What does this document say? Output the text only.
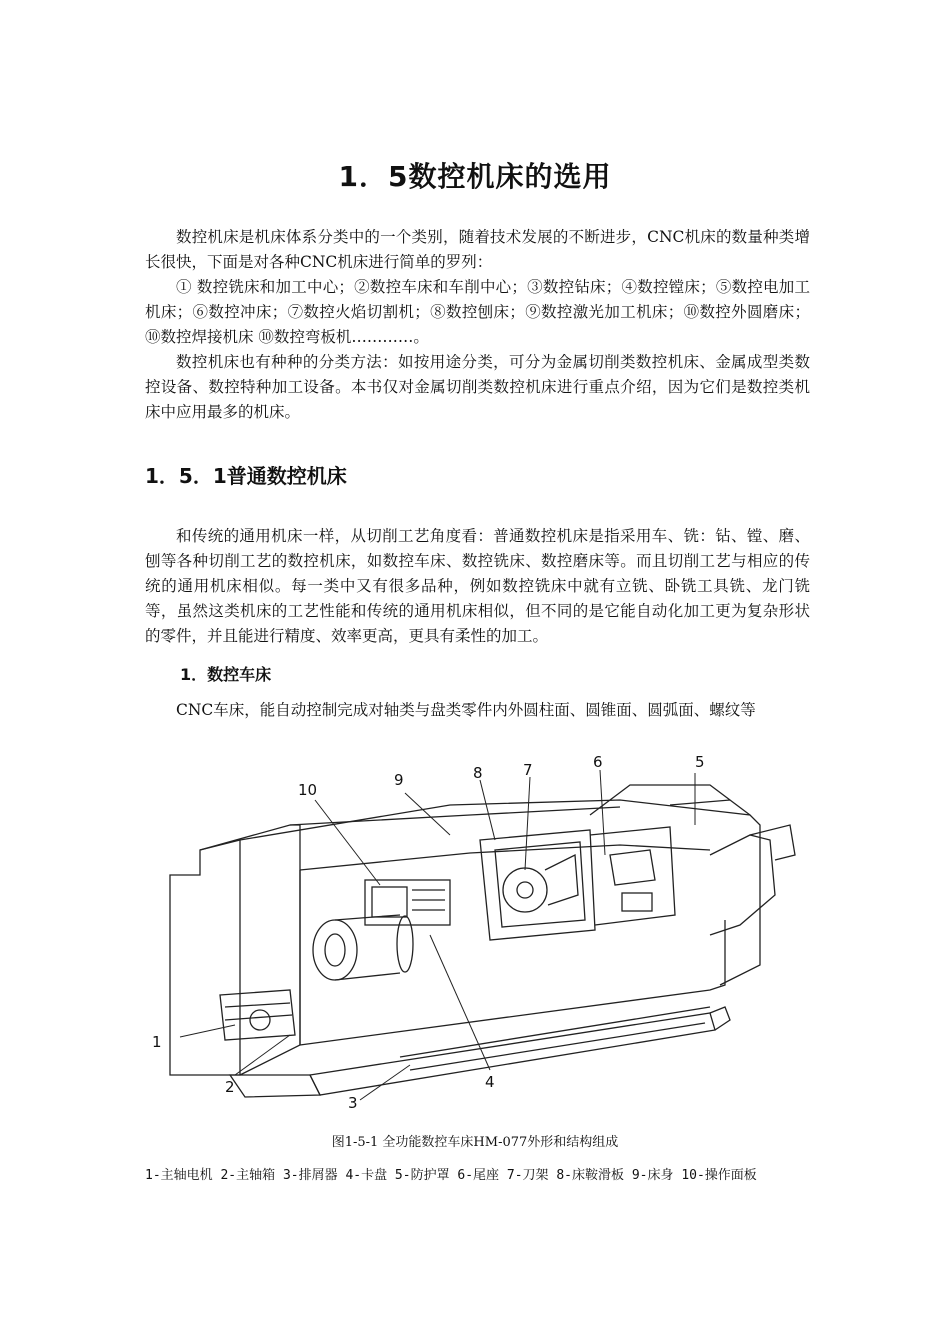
1．5数控机床的选用

数控机床是机床体系分类中的一个类别，随着技术发展的不断进步，CNC机床的数量种类增长很快，下面是对各种CNC机床进行简单的罗列：

① 数控铣床和加工中心；②数控车床和车削中心；③数控钻床；④数控镗床；⑤数控电加工机床；⑥数控冲床；⑦数控火焰切割机；⑧数控刨床；⑨数控激光加工机床；⑩数控外圆磨床；⑩数控焊接机床 ⑩数控弯板机…………。

数控机床也有种种的分类方法：如按用途分类，可分为金属切削类数控机床、金属成型类数控设备、数控特种加工设备。本书仅对金属切削类数控机床进行重点介绍，因为它们是数控类机床中应用最多的机床。

1．5．1普通数控机床

和传统的通用机床一样，从切削工艺角度看：普通数控机床是指采用车、铣：钻、镗、磨、刨等各种切削工艺的数控机床，如数控车床、数控铣床、数控磨床等。而且切削工艺与相应的传统的通用机床相似。每一类中又有很多品种，例如数控铣床中就有立铣、卧铣工具铣、龙门铣等，虽然这类机床的工艺性能和传统的通用机床相似，但不同的是它能自动化加工更为复杂形状的零件，并且能进行精度、效率更高，更具有柔性的加工。

1．数控车床

CNC车床，能自动控制完成对轴类与盘类零件内外圆柱面、圆锥面、圆弧面、螺纹等

1
2
3
4
5
6
7
8
9
10
图1-5-1 全功能数控车床HM-077外形和结构组成
1-主轴电机 2-主轴箱 3-排屑器 4-卡盘 5-防护罩 6-尾座 7-刀架 8-床鞍滑板 9-床身 10-操作面板
